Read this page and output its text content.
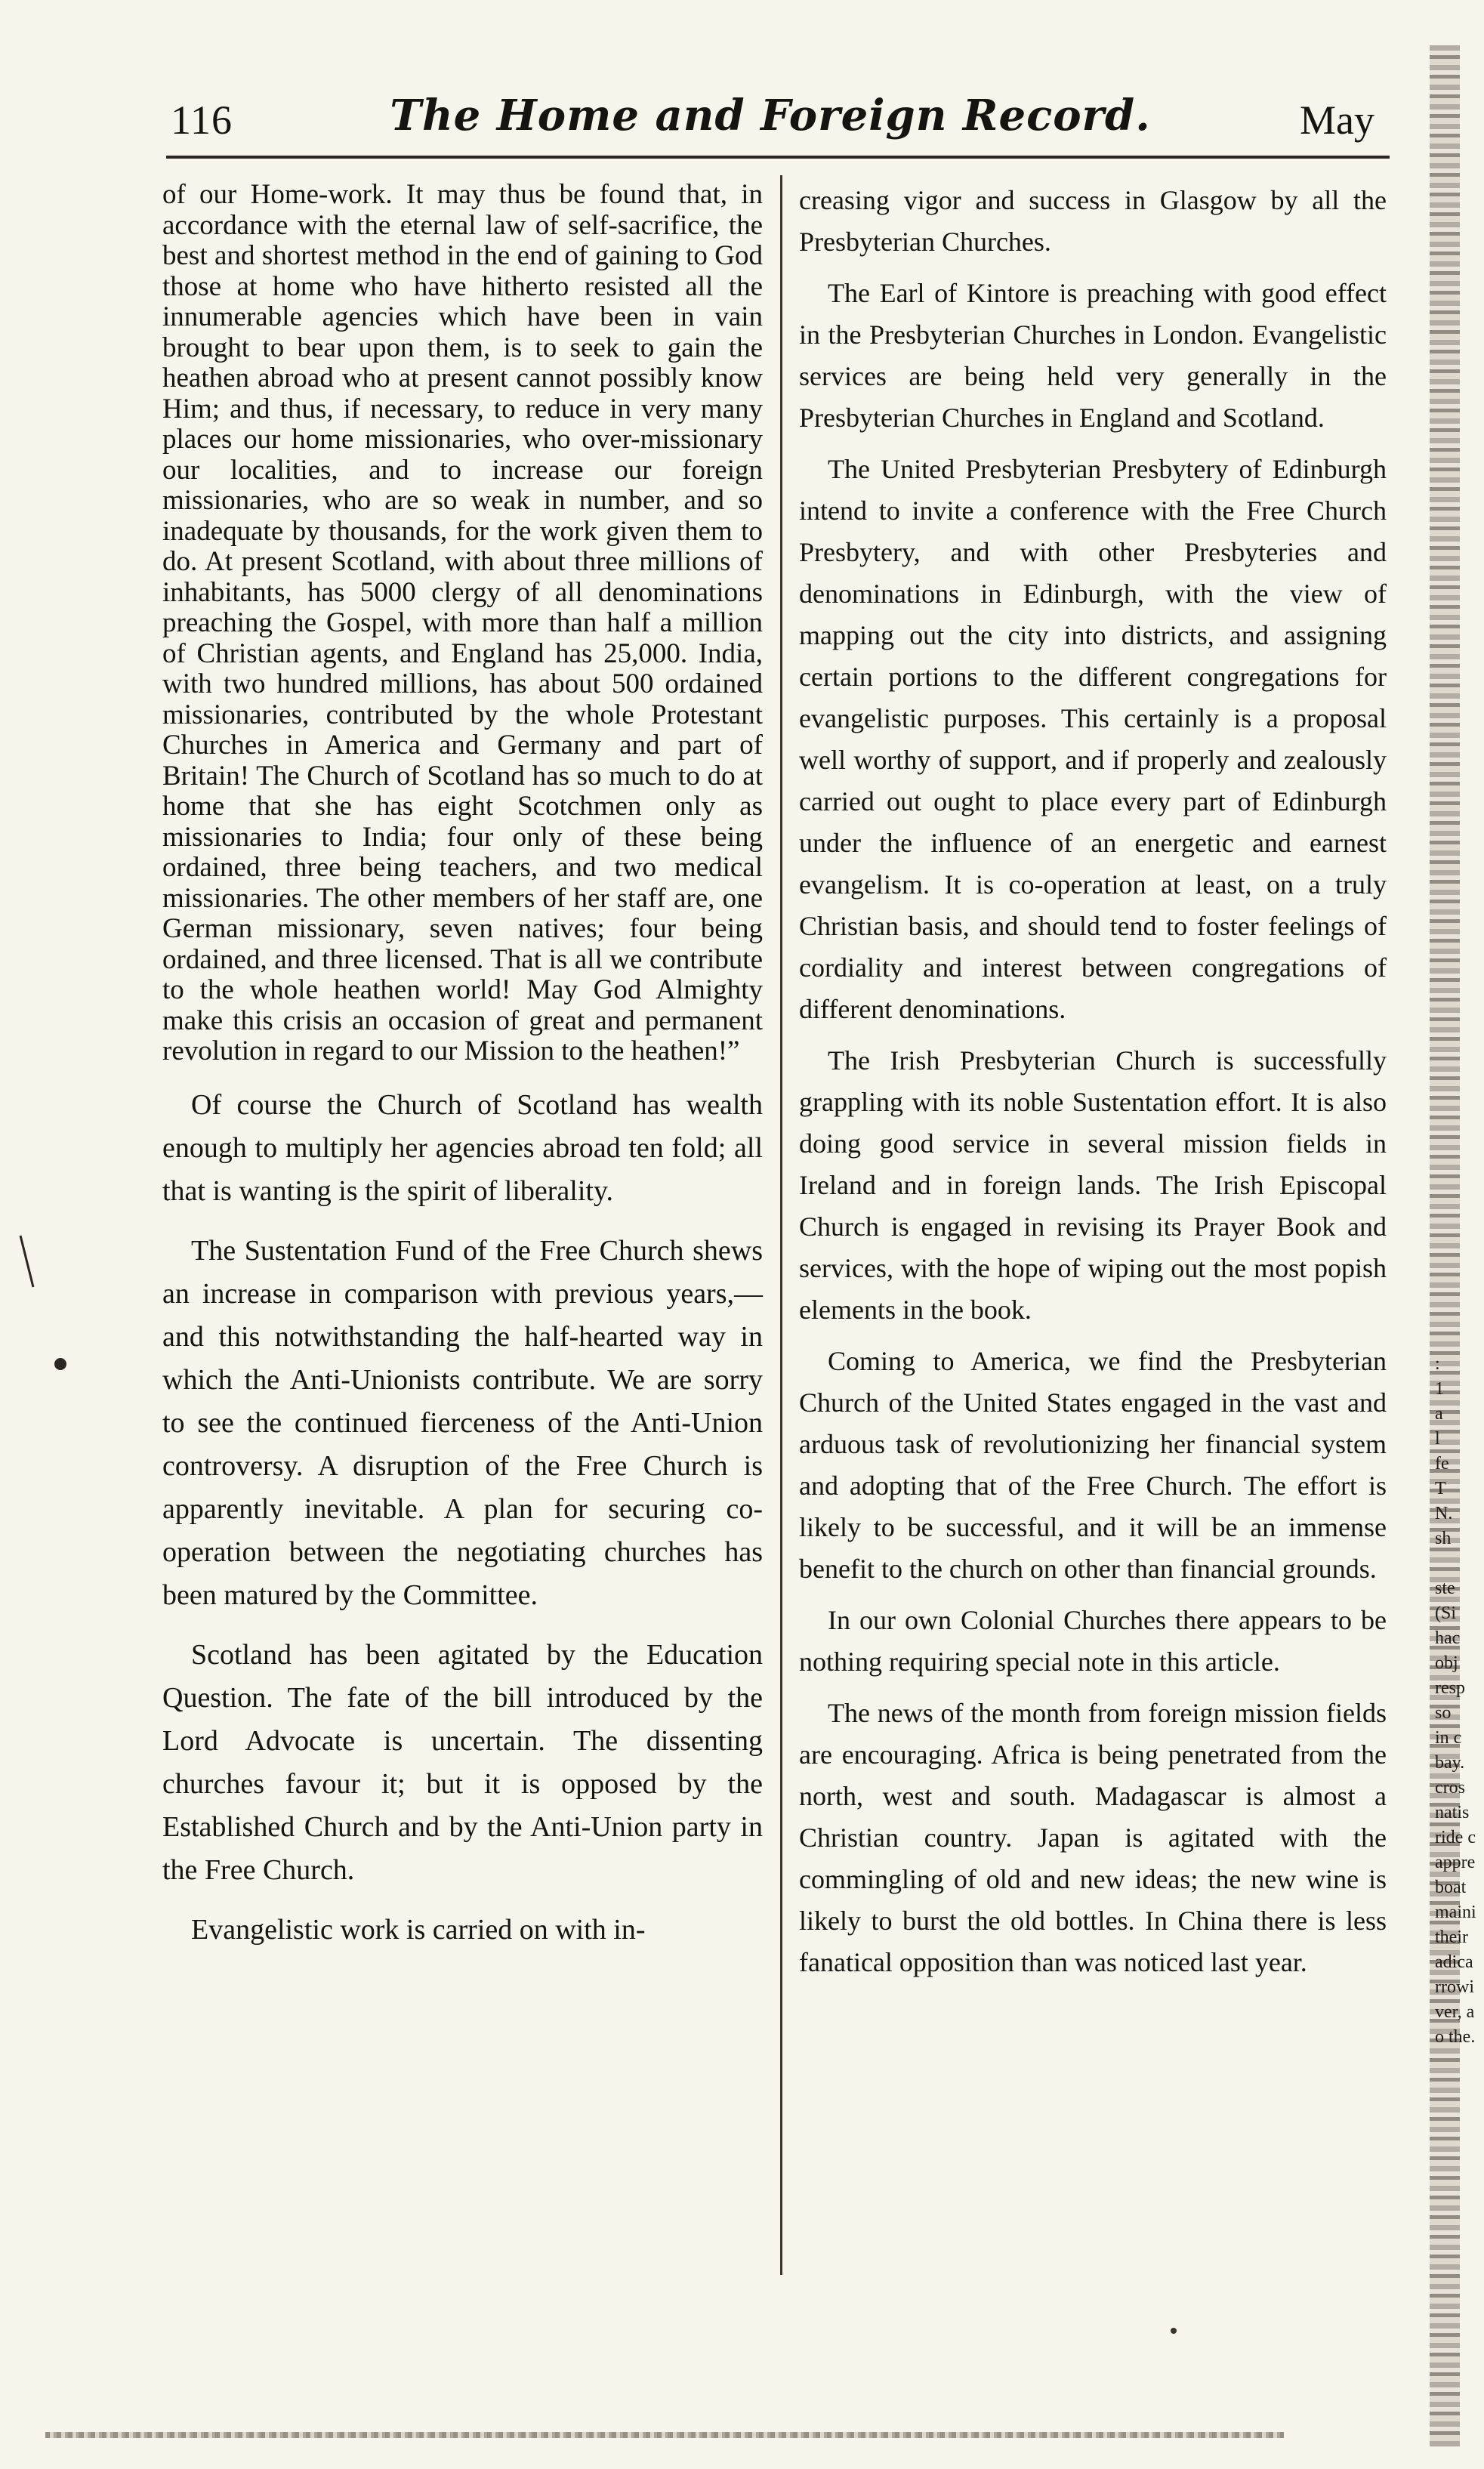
116	The Home and Foreign Record.	May

of our Home-work. It may thus be found that, in accordance with the eternal law of self-sacrifice, the best and shortest method in the end of gaining to God those at home who have hitherto resisted all the innumerable agencies which have been in vain brought to bear upon them, is to seek to gain the heathen abroad who at present cannot possibly know Him; and thus, if necessary, to reduce in very many places our home missionaries, who over-missionary our localities, and to increase our foreign missionaries, who are so weak in number, and so inadequate by thousands, for the work given them to do. At present Scotland, with about three millions of inhabitants, has 5000 clergy of all denominations preaching the Gospel, with more than half a million of Christian agents, and England has 25,000. India, with two hundred millions, has about 500 ordained missionaries, contributed by the whole Protestant Churches in America and Germany and part of Britain! The Church of Scotland has so much to do at home that she has eight Scotchmen only as missionaries to India; four only of these being ordained, three being teachers, and two medical missionaries. The other members of her staff are, one German missionary, seven natives; four being ordained, and three licensed. That is all we contribute to the whole heathen world! May God Almighty make this crisis an occasion of great and permanent revolution in regard to our Mission to the heathen!”

Of course the Church of Scotland has wealth enough to multiply her agencies abroad ten fold; all that is wanting is the spirit of liberality.

The Sustentation Fund of the Free Church shews an increase in comparison with previous years,—and this notwithstanding the half-hearted way in which the Anti-Unionists contribute. We are sorry to see the continued fierceness of the Anti-Union controversy. A disruption of the Free Church is apparently inevitable. A plan for securing co-operation between the negotiating churches has been matured by the Committee.

Scotland has been agitated by the Education Question. The fate of the bill introduced by the Lord Advocate is uncertain. The dissenting churches favour it; but it is opposed by the Established Church and by the Anti-Union party in the Free Church.

Evangelistic work is carried on with in-

creasing vigor and success in Glasgow by all the Presbyterian Churches.

The Earl of Kintore is preaching with good effect in the Presbyterian Churches in London. Evangelistic services are being held very generally in the Presbyterian Churches in England and Scotland.

The United Presbyterian Presbytery of Edinburgh intend to invite a conference with the Free Church Presbytery, and with other Presbyteries and denominations in Edinburgh, with the view of mapping out the city into districts, and assigning certain portions to the different congregations for evangelistic purposes. This certainly is a proposal well worthy of support, and if properly and zealously carried out ought to place every part of Edinburgh under the influence of an energetic and earnest evangelism. It is co-operation at least, on a truly Christian basis, and should tend to foster feelings of cordiality and interest between congregations of different denominations.

The Irish Presbyterian Church is successfully grappling with its noble Sustentation effort. It is also doing good service in several mission fields in Ireland and in foreign lands. The Irish Episcopal Church is engaged in revising its Prayer Book and services, with the hope of wiping out the most popish elements in the book.

Coming to America, we find the Presbyterian Church of the United States engaged in the vast and arduous task of revolutionizing her financial system and adopting that of the Free Church. The effort is likely to be successful, and it will be an immense benefit to the church on other than financial grounds.

In our own Colonial Churches there appears to be nothing requiring special note in this article.

The news of the month from foreign mission fields are encouraging. Africa is being penetrated from the north, west and south. Madagascar is almost a Christian country. Japan is agitated with the commingling of old and new ideas; the new wine is likely to burst the old bottles. In China there is less fanatical opposition than was noticed last year.

:
1
a
l
fe
T
N.
sh

ste
(Si
hac
obj
resp
so
in c
bay.
cros
natis
ride c
appre
boat
maini
their
adica
rrowi
ver, a
o the.
